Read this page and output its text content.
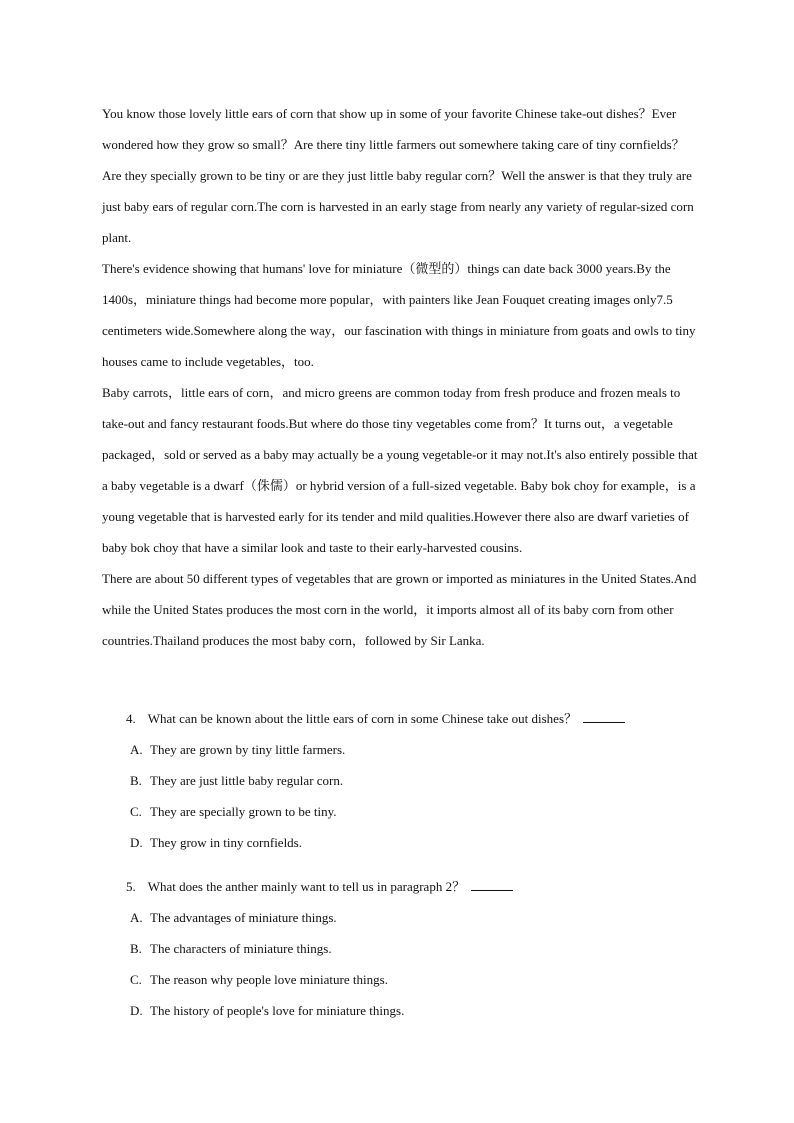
You know those lovely little ears of corn that show up in some of your favorite Chinese take-out dishes？Ever wondered how they grow so small？Are there tiny little farmers out somewhere taking care of tiny cornfields？Are they specially grown to be tiny or are they just little baby regular corn？Well the answer is that they truly are just baby ears of regular corn.The corn is harvested in an early stage from nearly any variety of regular-sized corn plant.

There's evidence showing that humans' love for miniature（微型的）things can date back 3000 years.By the 1400s，miniature things had become more popular，with painters like Jean Fouquet creating images only7.5 centimeters wide.Somewhere along the way，our fascination with things in miniature from goats and owls to tiny houses came to include vegetables，too.

Baby carrots，little ears of corn，and micro greens are common today from fresh produce and frozen meals to take-out and fancy restaurant foods.But where do those tiny vegetables come from？It turns out，a vegetable packaged，sold or served as a baby may actually be a young vegetable-or it may not.It's also entirely possible that a baby vegetable is a dwarf（侏儒）or hybrid version of a full-sized vegetable. Baby bok choy for example，is a young vegetable that is harvested early for its tender and mild qualities.However there also are dwarf varieties of baby bok choy that have a similar look and taste to their early-harvested cousins.

There are about 50 different types of vegetables that are grown or imported as miniatures in the United States.And while the United States produces the most corn in the world，it imports almost all of its baby corn from other countries.Thailand produces the most baby corn，followed by Sir Lanka.

4. What can be known about the little ears of corn in some Chinese take out dishes？
A. They are grown by tiny little farmers.
B. They are just little baby regular corn.
C. They are specially grown to be tiny.
D. They grow in tiny cornfields.
5. What does the anther mainly want to tell us in paragraph 2？
A. The advantages of miniature things.
B. The characters of miniature things.
C. The reason why people love miniature things.
D. The history of people's love for miniature things.
